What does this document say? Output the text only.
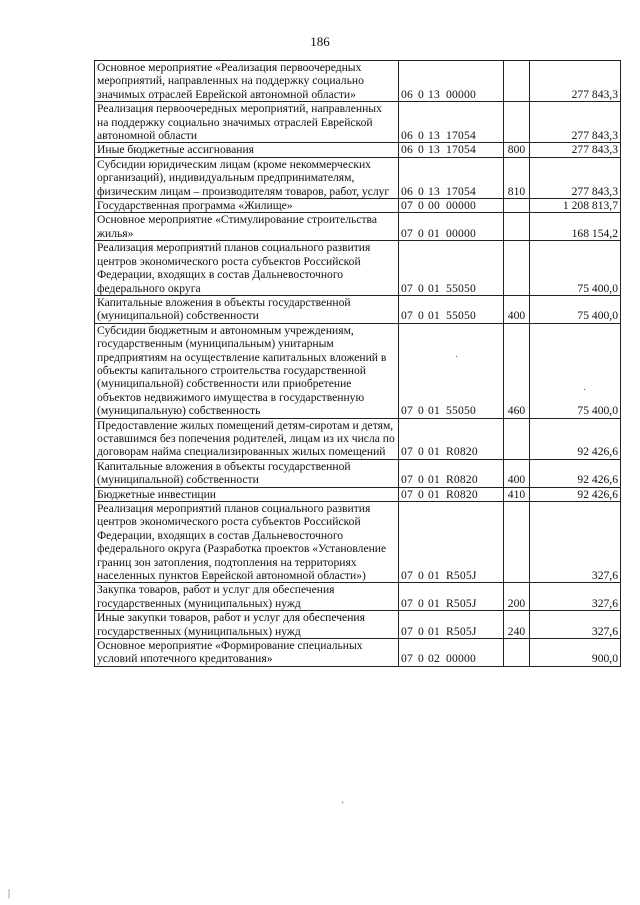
186
Основное мероприятие «Реализация первоочередных мероприятий, направленных на поддержку социально значимых отраслей Еврейской автономной области»	06 0 13 00000		277 843,3
Реализация первоочередных мероприятий, направленных на поддержку социально значимых отраслей Еврейской автономной области	06 0 13 17054		277 843,3
Иные бюджетные ассигнования	06 0 13 17054	800	277 843,3
Субсидии юридическим лицам (кроме некоммерческих организаций), индивидуальным предпринимателям, физическим лицам – производителям товаров, работ, услуг	06 0 13 17054	810	277 843,3
Государственная программа «Жилище»	07 0 00 00000		1 208 813,7
Основное мероприятие «Стимулирование строительства жилья»	07 0 01 00000		168 154,2
Реализация мероприятий планов социального развития центров экономического роста субъектов Российской Федерации, входящих в состав Дальневосточного федерального округа	07 0 01 55050		75 400,0
Капитальные вложения в объекты государственной (муниципальной) собственности	07 0 01 55050	400	75 400,0
Субсидии бюджетным и автономным учреждениям, государственным (муниципальным) унитарным предприятиям на осуществление капитальных вложений в объекты капитального строительства государственной (муниципальной) собственности или приобретение объектов недвижимого имущества в государственную (муниципальную) собственность	07 0 01 55050	460	75 400,0
Предоставление жилых помещений детям-сиротам и детям, оставшимся без попечения родителей, лицам из их числа по договорам найма специализированных жилых помещений	07 0 01 R0820		92 426,6
Капитальные вложения в объекты государственной (муниципальной) собственности	07 0 01 R0820	400	92 426,6
Бюджетные инвестиции	07 0 01 R0820	410	92 426,6
Реализация мероприятий планов социального развития центров экономического роста субъектов Российской Федерации, входящих в состав Дальневосточного федерального округа (Разработка проектов «Установление границ зон затопления, подтопления на территориях населенных пунктов Еврейской автономной области»)	07 0 01 R505J		327,6
Закупка товаров, работ и услуг для обеспечения государственных (муниципальных) нужд	07 0 01 R505J	200	327,6
Иные закупки товаров, работ и услуг для обеспечения государственных (муниципальных) нужд	07 0 01 R505J	240	327,6
Основное мероприятие «Формирование специальных условий ипотечного кредитования»	07 0 02 00000		900,0
·
·
·
|
